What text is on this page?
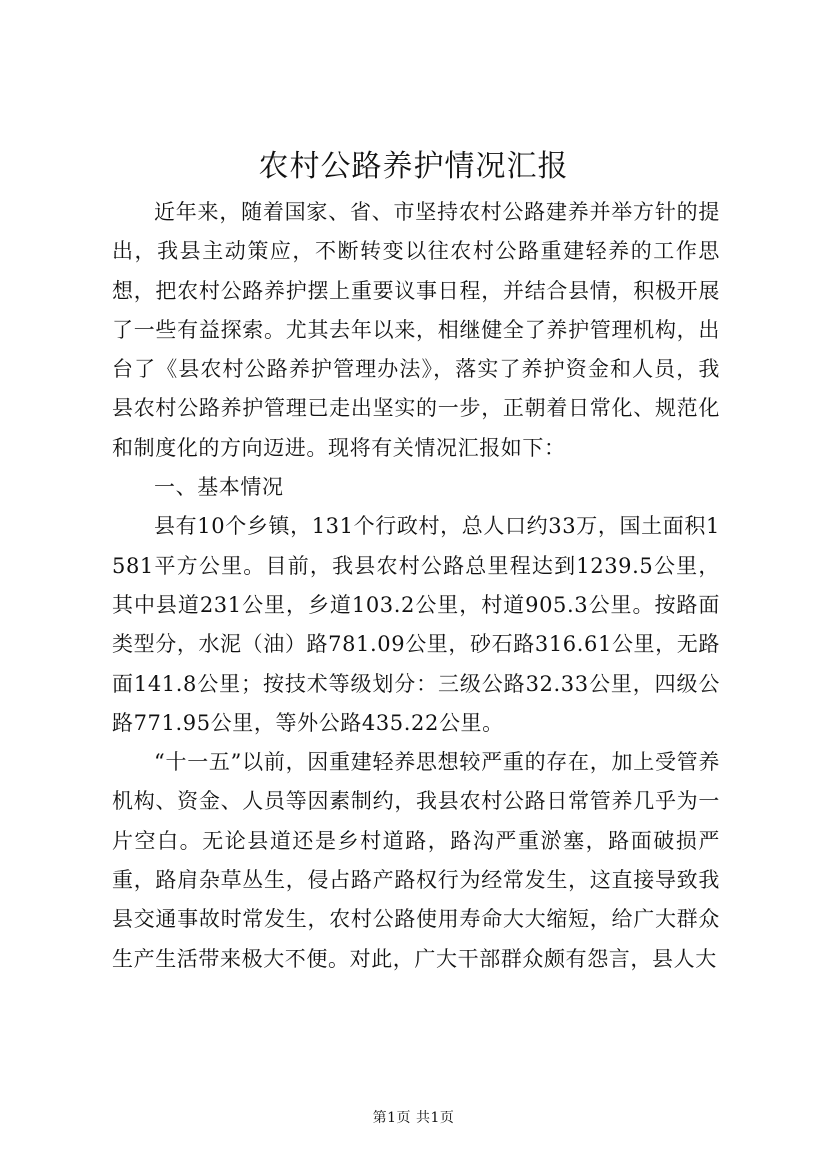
农村公路养护情况汇报

近年来，随着国家、省、市坚持农村公路建养并举方针的提出，我县主动策应，不断转变以往农村公路重建轻养的工作思想，把农村公路养护摆上重要议事日程，并结合县情，积极开展了一些有益探索。尤其去年以来，相继健全了养护管理机构，出台了《县农村公路养护管理办法》，落实了养护资金和人员，我县农村公路养护管理已走出坚实的一步，正朝着日常化、规范化和制度化的方向迈进。现将有关情况汇报如下：

一、基本情况

县有10个乡镇，131个行政村，总人口约33万，国土面积1581平方公里。目前，我县农村公路总里程达到1239.5公里，其中县道231公里，乡道103.2公里，村道905.3公里。按路面类型分，水泥（油）路781.09公里，砂石路316.61公里，无路面141.8公里；按技术等级划分：三级公路32.33公里，四级公路771.95公里，等外公路435.22公里。

“十一五”以前，因重建轻养思想较严重的存在，加上受管养机构、资金、人员等因素制约，我县农村公路日常管养几乎为一片空白。无论县道还是乡村道路，路沟严重淤塞，路面破损严重，路肩杂草丛生，侵占路产路权行为经常发生，这直接导致我县交通事故时常发生，农村公路使用寿命大大缩短，给广大群众生产生活带来极大不便。对此，广大干部群众颇有怨言，县人大

第1页 共1页
